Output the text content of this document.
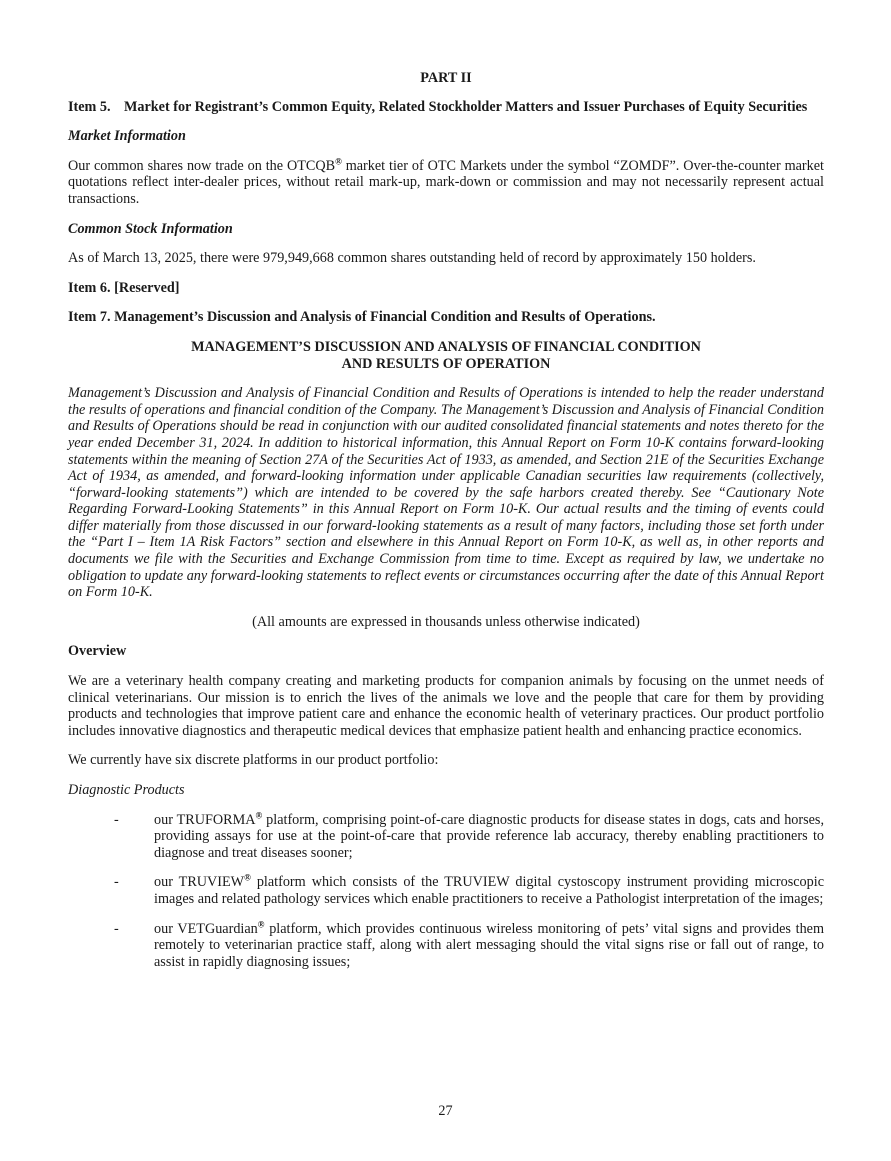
PART II
Item 5. Market for Registrant’s Common Equity, Related Stockholder Matters and Issuer Purchases of Equity Securities
Market Information
Our common shares now trade on the OTCQB® market tier of OTC Markets under the symbol “ZOMDF”. Over-the-counter market quotations reflect inter-dealer prices, without retail mark-up, mark-down or commission and may not necessarily represent actual transactions.
Common Stock Information
As of March 13, 2025, there were 979,949,668 common shares outstanding held of record by approximately 150 holders.
Item 6. [Reserved]
Item 7. Management’s Discussion and Analysis of Financial Condition and Results of Operations.
MANAGEMENT’S DISCUSSION AND ANALYSIS OF FINANCIAL CONDITION
AND RESULTS OF OPERATION
Management’s Discussion and Analysis of Financial Condition and Results of Operations is intended to help the reader understand the results of operations and financial condition of the Company. The Management’s Discussion and Analysis of Financial Condition and Results of Operations should be read in conjunction with our audited consolidated financial statements and notes thereto for the year ended December 31, 2024. In addition to historical information, this Annual Report on Form 10-K contains forward-looking statements within the meaning of Section 27A of the Securities Act of 1933, as amended, and Section 21E of the Securities Exchange Act of 1934, as amended, and forward-looking information under applicable Canadian securities law requirements (collectively, “forward-looking statements”) which are intended to be covered by the safe harbors created thereby. See “Cautionary Note Regarding Forward-Looking Statements” in this Annual Report on Form 10-K. Our actual results and the timing of events could differ materially from those discussed in our forward-looking statements as a result of many factors, including those set forth under the “Part I – Item 1A Risk Factors” section and elsewhere in this Annual Report on Form 10-K, as well as, in other reports and documents we file with the Securities and Exchange Commission from time to time. Except as required by law, we undertake no obligation to update any forward-looking statements to reflect events or circumstances occurring after the date of this Annual Report on Form 10-K.
(All amounts are expressed in thousands unless otherwise indicated)
Overview
We are a veterinary health company creating and marketing products for companion animals by focusing on the unmet needs of clinical veterinarians. Our mission is to enrich the lives of the animals we love and the people that care for them by providing products and technologies that improve patient care and enhance the economic health of veterinary practices. Our product portfolio includes innovative diagnostics and therapeutic medical devices that emphasize patient health and enhancing practice economics.
We currently have six discrete platforms in our product portfolio:
Diagnostic Products
-	our TRUFORMA® platform, comprising point-of-care diagnostic products for disease states in dogs, cats and horses, providing assays for use at the point-of-care that provide reference lab accuracy, thereby enabling practitioners to diagnose and treat diseases sooner;
-	our TRUVIEW® platform which consists of the TRUVIEW digital cystoscopy instrument providing microscopic images and related pathology services which enable practitioners to receive a Pathologist interpretation of the images;
-	our VETGuardian® platform, which provides continuous wireless monitoring of pets’ vital signs and provides them remotely to veterinarian practice staff, along with alert messaging should the vital signs rise or fall out of range, to assist in rapidly diagnosing issues;
27
